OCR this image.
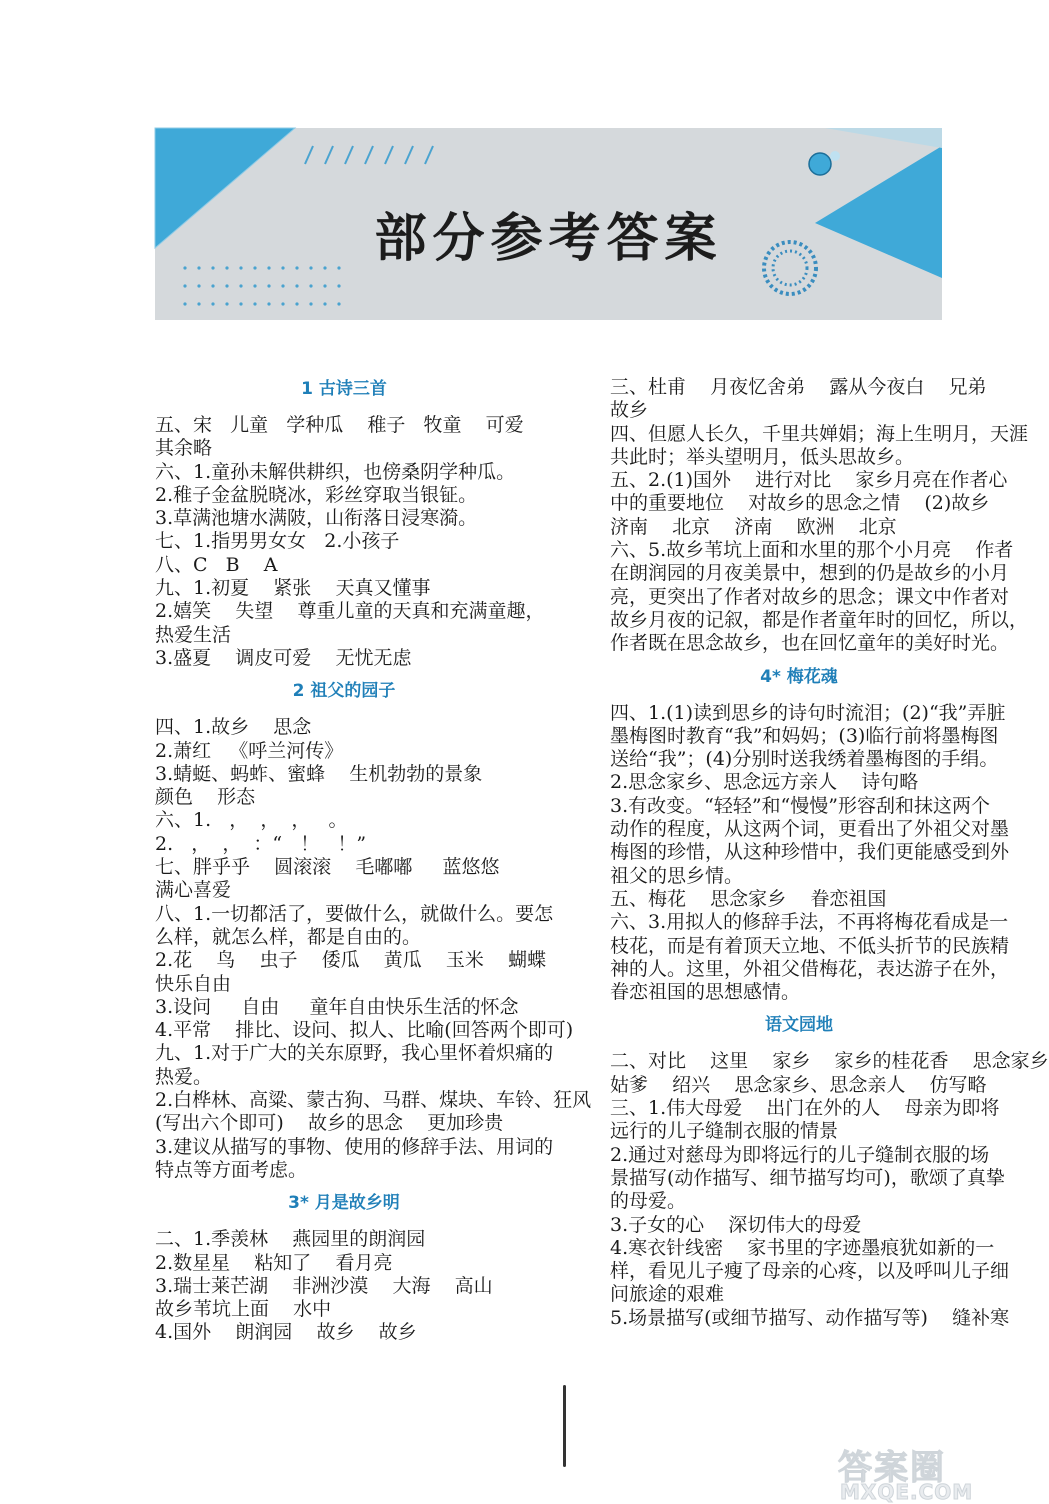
部分参考答案
1 古诗三首
五、宋   儿童   学种瓜    稚子   牧童    可爱
其余略
六、1.童孙未解供耕织，也傍桑阴学种瓜。
2.稚子金盆脱晓冰，彩丝穿取当银钲。
3.草满池塘水满陂，山衔落日浸寒漪。
七、1.指男男女女   2.小孩子
八、C   B    A
九、1.初夏    紧张    天真又懂事
2.嬉笑    失望    尊重儿童的天真和充满童趣，
热爱生活
3.盛夏    调皮可爱    无忧无虑
2 祖父的园子
四、1.故乡    思念
2.萧红   《呼兰河传》
3.蜻蜓、蚂蚱、蜜蜂    生机勃勃的景象
颜色    形态
六、1.   ，  ，  ，   。
2.   ，  ，  ：“   ！   ！”
七、胖乎乎    圆滚滚    毛嘟嘟     蓝悠悠
满心喜爱
八、1.一切都活了，要做什么，就做什么。要怎
么样，就怎么样，都是自由的。
2.花    鸟    虫子    倭瓜    黄瓜    玉米    蝴蝶
快乐自由
3.设问     自由     童年自由快乐生活的怀念
4.平常    排比、设问、拟人、比喻(回答两个即可)
九、1.对于广大的关东原野，我心里怀着炽痛的
热爱。
2.白桦林、高粱、蒙古狗、马群、煤块、车铃、狂风
(写出六个即可)    故乡的思念    更加珍贵
3.建议从描写的事物、使用的修辞手法、用词的
特点等方面考虑。
3* 月是故乡明
二、1.季羡林    燕园里的朗润园
2.数星星    粘知了    看月亮
3.瑞士莱芒湖    非洲沙漠    大海    高山
故乡苇坑上面    水中
4.国外    朗润园    故乡    故乡
三、杜甫    月夜忆舍弟    露从今夜白    兄弟
故乡
四、但愿人长久，千里共婵娟；海上生明月，天涯
共此时；举头望明月，低头思故乡。
五、2.(1)国外    进行对比    家乡月亮在作者心
中的重要地位    对故乡的思念之情    (2)故乡
济南    北京    济南    欧洲    北京
六、5.故乡苇坑上面和水里的那个小月亮    作者
在朗润园的月夜美景中，想到的仍是故乡的小月
亮，更突出了作者对故乡的思念；课文中作者对
故乡月夜的记叙，都是作者童年时的回忆，所以，
作者既在思念故乡，也在回忆童年的美好时光。
4* 梅花魂
四、1.(1)读到思乡的诗句时流泪；(2)“我”弄脏
墨梅图时教育“我”和妈妈；(3)临行前将墨梅图
送给“我”；(4)分别时送我绣着墨梅图的手绢。
2.思念家乡、思念远方亲人    诗句略
3.有改变。“轻轻”和“慢慢”形容刮和抹这两个
动作的程度，从这两个词，更看出了外祖父对墨
梅图的珍惜，从这种珍惜中，我们更能感受到外
祖父的思乡情。
五、梅花    思念家乡    眷恋祖国
六、3.用拟人的修辞手法，不再将梅花看成是一
枝花，而是有着顶天立地、不低头折节的民族精
神的人。这里，外祖父借梅花，表达游子在外，
眷恋祖国的思想感情。
语文园地
二、对比    这里    家乡    家乡的桂花香    思念家乡
姑爹    绍兴    思念家乡、思念亲人    仿写略
三、1.伟大母爱    出门在外的人    母亲为即将
远行的儿子缝制衣服的情景
2.通过对慈母为即将远行的儿子缝制衣服的场
景描写(动作描写、细节描写均可)，歌颂了真挚
的母爱。
3.子女的心    深切伟大的母爱
4.寒衣针线密    家书里的字迹墨痕犹如新的一
样，看见儿子瘦了母亲的心疼，以及呼叫儿子细
问旅途的艰难
5.场景描写(或细节描写、动作描写等)    缝补寒
答案圈
MXQE.COM
